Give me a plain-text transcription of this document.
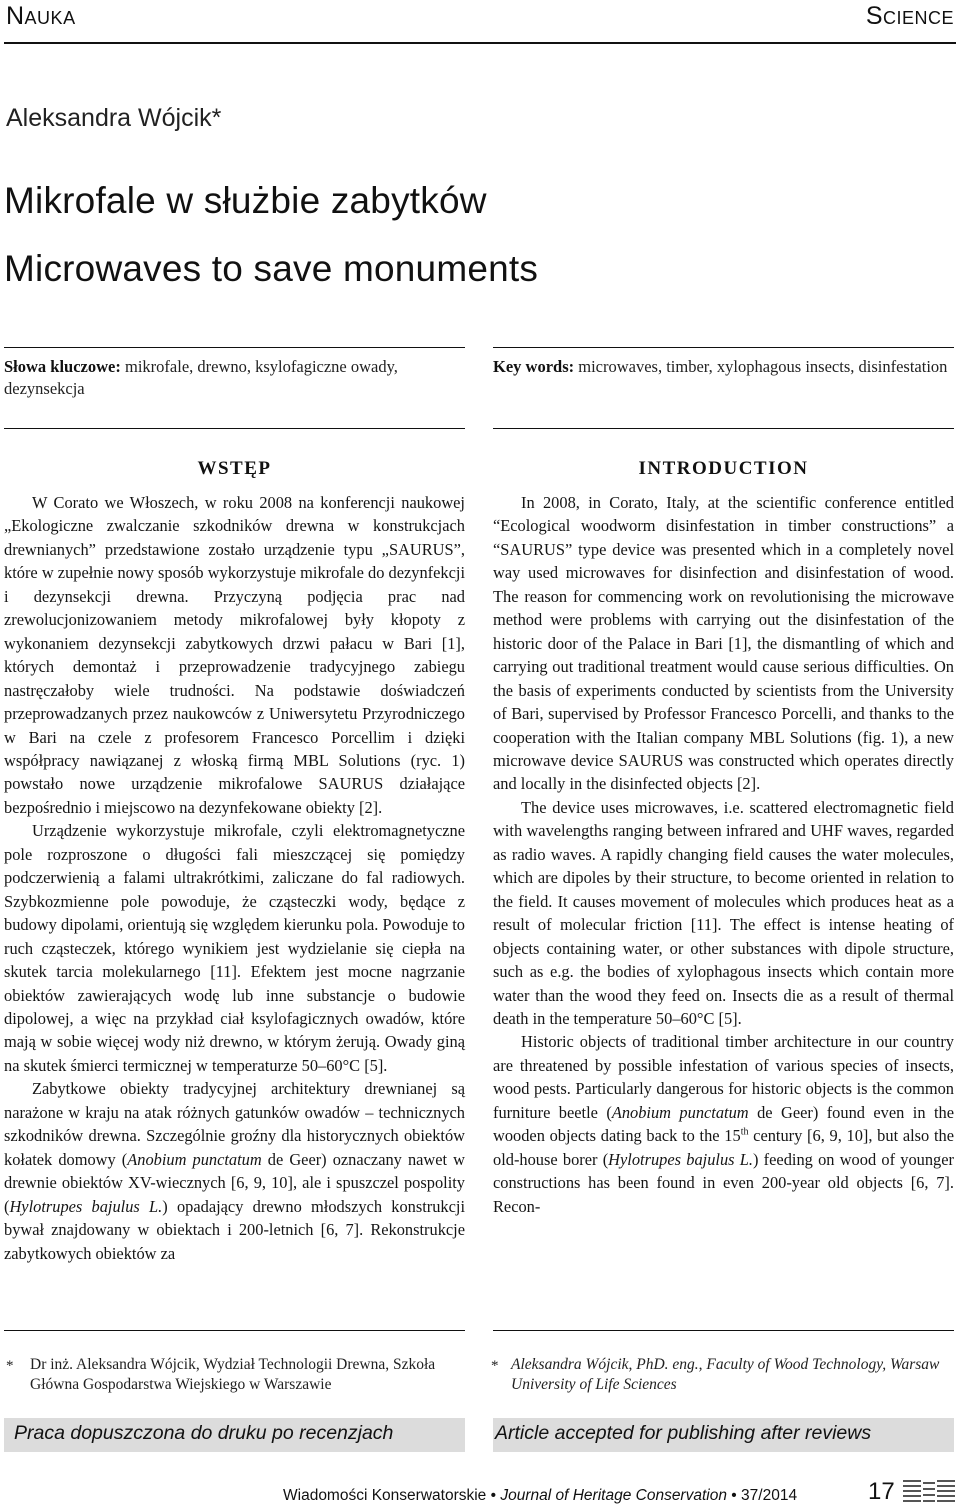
Nauka	Science
Aleksandra Wójcik*
Mikrofale w służbie zabytków
Microwaves to save monuments
Słowa kluczowe: mikrofale, drewno, ksylofagiczne owady, dezynsekcja
Key words: microwaves, timber, xylophagous insects, disinfestation
WSTĘP	INTRODUCTION

W Corato we Włoszech, w roku 2008 na konferencji naukowej „Ekologiczne zwalczanie szkodników drewna w konstrukcjach drewnianych” przedstawione zostało urządzenie typu „SAURUS”, które w zupełnie nowy sposób wykorzystuje mikrofale do dezynfekcji i dezynsekcji drewna. Przyczyną podjęcia prac nad zrewolucjonizowaniem metody mikrofalowej były kłopoty z wykonaniem dezynsekcji zabytkowych drzwi pałacu w Bari [1], których demontaż i przeprowadzenie tradycyjnego zabiegu nastręczałoby wiele trudności. Na podstawie doświadczeń przeprowadzanych przez naukowców z Uniwersytetu Przyrodniczego w Bari na czele z profesorem Francesco Porcellim i dzięki współpracy nawiązanej z włoską firmą MBL Solutions (ryc. 1) powstało nowe urządzenie mikrofalowe SAURUS działające bezpośrednio i miejscowo na dezynfekowane obiekty [2].

Urządzenie wykorzystuje mikrofale, czyli elektromagnetyczne pole rozproszone o długości fali mieszczącej się pomiędzy podczerwienią a falami ultrakrótkimi, zaliczane do fal radiowych. Szybkozmienne pole powoduje, że cząsteczki wody, będące z budowy dipolami, orientują się względem kierunku pola. Powoduje to ruch cząsteczek, którego wynikiem jest wydzielanie się ciepła na skutek tarcia molekularnego [11]. Efektem jest mocne nagrzanie obiektów zawierających wodę lub inne substancje o budowie dipolowej, a więc na przykład ciał ksylofagicznych owadów, które mają w sobie więcej wody niż drewno, w którym żerują. Owady giną na skutek śmierci termicznej w temperaturze 50–60°C [5].

Zabytkowe obiekty tradycyjnej architektury drewnianej są narażone w kraju na atak różnych gatunków owadów – technicznych szkodników drewna. Szczególnie groźny dla historycznych obiektów kołatek domowy (Anobium punctatum de Geer) oznaczany nawet w drewnie obiektów XV-wiecznych [6, 9, 10], ale i spuszczel pospolity (Hylotrupes bajulus L.) opadający drewno młodszych konstrukcji bywał znajdowany w obiektach i 200-letnich [6, 7]. Rekonstrukcje zabytkowych obiektów za

In 2008, in Corato, Italy, at the scientific conference entitled “Ecological woodworm disinfestation in timber constructions” a “SAURUS” type device was presented which in a completely novel way used microwaves for disinfection and disinfestation of wood. The reason for commencing work on revolutionising the microwave method were problems with carrying out the disinfestation of the historic door of the Palace in Bari [1], the dismantling of which and carrying out traditional treatment would cause serious difficulties. On the basis of experiments conducted by scientists from the University of Bari, supervised by Professor Francesco Porcelli, and thanks to the cooperation with the Italian company MBL Solutions (fig. 1), a new microwave device SAURUS was constructed which operates directly and locally in the disinfected objects [2].

The device uses microwaves, i.e. scattered electromagnetic field with wavelengths ranging between infrared and UHF waves, regarded as radio waves. A rapidly changing field causes the water molecules, which are dipoles by their structure, to become oriented in relation to the field. It causes movement of molecules which produces heat as a result of molecular friction [11]. The effect is intense heating of objects containing water, or other substances with dipole structure, such as e.g. the bodies of xylophagous insects which contain more water than the wood they feed on. Insects die as a result of thermal death in the temperature 50–60°C [5].

Historic objects of traditional timber architecture in our country are threatened by possible infestation of various species of insects, wood pests. Particularly dangerous for historic objects is the common furniture beetle (Anobium punctatum de Geer) found even in the wooden objects dating back to the 15th century [6, 9, 10], but also the old-house borer (Hylotrupes bajulus L.) feeding on wood of younger constructions has been found in even 200-year old objects [6, 7]. Recon-

* Dr inż. Aleksandra Wójcik, Wydział Technologii Drewna, Szkoła Główna Gospodarstwa Wiejskiego w Warszawie
* Aleksandra Wójcik, PhD. eng., Faculty of Wood Technology, Warsaw University of Life Sciences
Praca dopuszczona do druku po recenzjach	Article accepted for publishing after reviews
Wiadomości Konserwatorskie • Journal of Heritage Conservation • 37/2014	17
